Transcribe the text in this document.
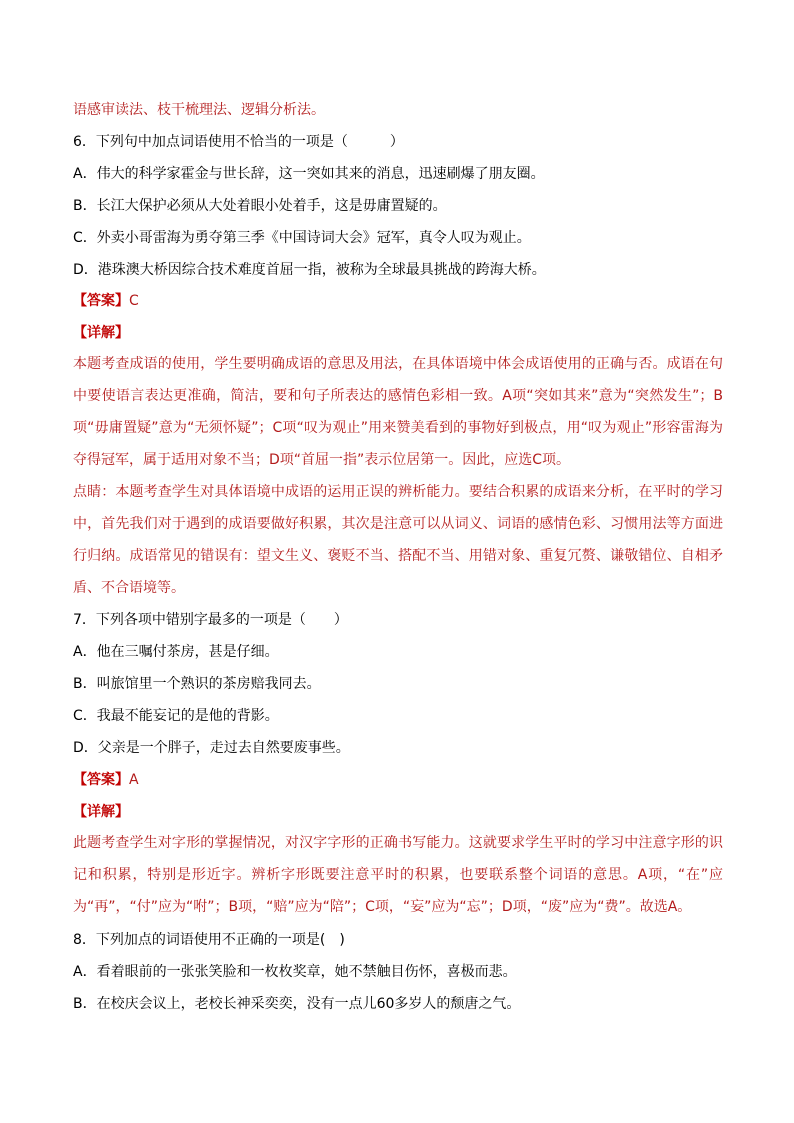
语感审读法、枝干梳理法、逻辑分析法。
6．下列句中加点词语使用不恰当的一项是（　　　）
A．伟大的科学家霍金与世长辞，这一突如其来的消息，迅速刷爆了朋友圈。
B．长江大保护必须从大处着眼小处着手，这是毋庸置疑的。
C．外卖小哥雷海为勇夺第三季《中国诗词大会》冠军，真令人叹为观止。
D．港珠澳大桥因综合技术难度首屈一指，被称为全球最具挑战的跨海大桥。
【答案】C
【详解】
本题考查成语的使用，学生要明确成语的意思及用法，在具体语境中体会成语使用的正确与否。成语在句中要使语言表达更准确，简洁，要和句子所表达的感情色彩相一致。A项“突如其来”意为“突然发生”；B项“毋庸置疑”意为“无须怀疑”；C项“叹为观止”用来赞美看到的事物好到极点，用“叹为观止”形容雷海为夺得冠军，属于适用对象不当；D项“首屈一指”表示位居第一。因此，应选C项。
点睛：本题考查学生对具体语境中成语的运用正误的辨析能力。要结合积累的成语来分析，在平时的学习中，首先我们对于遇到的成语要做好积累，其次是注意可以从词义、词语的感情色彩、习惯用法等方面进行归纳。成语常见的错误有：望文生义、褒贬不当、搭配不当、用错对象、重复冗赘、谦敬错位、自相矛盾、不合语境等。
7．下列各项中错别字最多的一项是（　　）
A．他在三嘱付茶房，甚是仔细。
B．叫旅馆里一个熟识的茶房赔我同去。
C．我最不能妄记的是他的背影。
D．父亲是一个胖子，走过去自然要废事些。
【答案】A
【详解】
此题考查学生对字形的掌握情况，对汉字字形的正确书写能力。这就要求学生平时的学习中注意字形的识记和积累，特别是形近字。辨析字形既要注意平时的积累，也要联系整个词语的意思。A项，“在”应为“再”，“付”应为“咐”；B项，“赔”应为“陪”；C项，“妄”应为“忘”；D项，“废”应为“费”。故选A。
8．下列加点的词语使用不正确的一项是(　)
A．看着眼前的一张张笑脸和一枚枚奖章，她不禁触目伤怀，喜极而悲。
B．在校庆会议上，老校长神采奕奕，没有一点儿60多岁人的颓唐之气。
